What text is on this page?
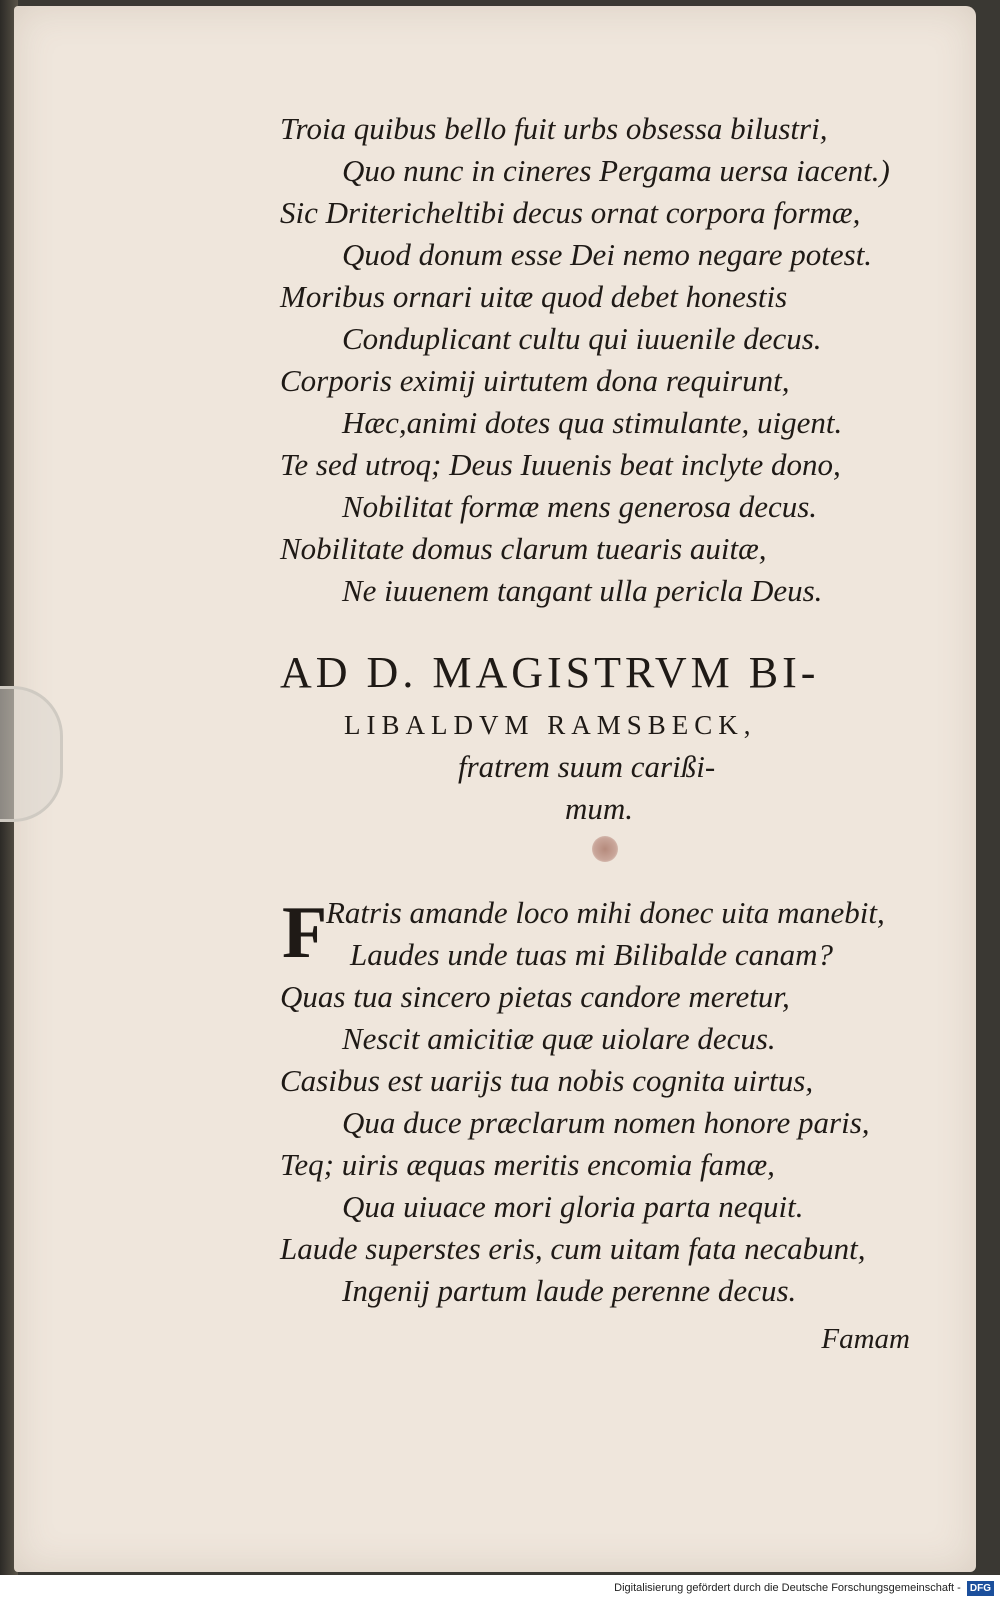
Troia quibus bello fuit urbs obsessa bilustri,
Quo nunc in cineres Pergama uersa iacent.)
Sic Dritericheltibi decus ornat corpora formæ,
Quod donum esse Dei nemo negare potest.
Moribus ornari uitæ quod debet honestis
Conduplicant cultu qui iuuenile decus.
Corporis eximij uirtutem dona requirunt,
Hæc,animi dotes qua stimulante, uigent.
Te sed utroq; Deus Iuuenis beat inclyte dono,
Nobilitat formæ mens generosa decus.
Nobilitate domus clarum tuearis auitæ,
Ne iuuenem tangant ulla pericla Deus.
AD D. MAGISTRVM BI-
LIBALDVM RAMSBECK,
fratrem suum carißi-
mum.
F
Ratris amande loco mihi donec uita manebit,
Laudes unde tuas mi Bilibalde canam?
Quas tua sincero pietas candore meretur,
Nescit amicitiæ quæ uiolare decus.
Casibus est uarijs tua nobis cognita uirtus,
Qua duce præclarum nomen honore paris,
Teq; uiris æquas meritis encomia famæ,
Qua uiuace mori gloria parta nequit.
Laude superstes eris, cum uitam fata necabunt,
Ingenij partum laude perenne decus.
Famam
Digitalisierung gefördert durch die Deutsche Forschungsgemeinschaft - DFG
